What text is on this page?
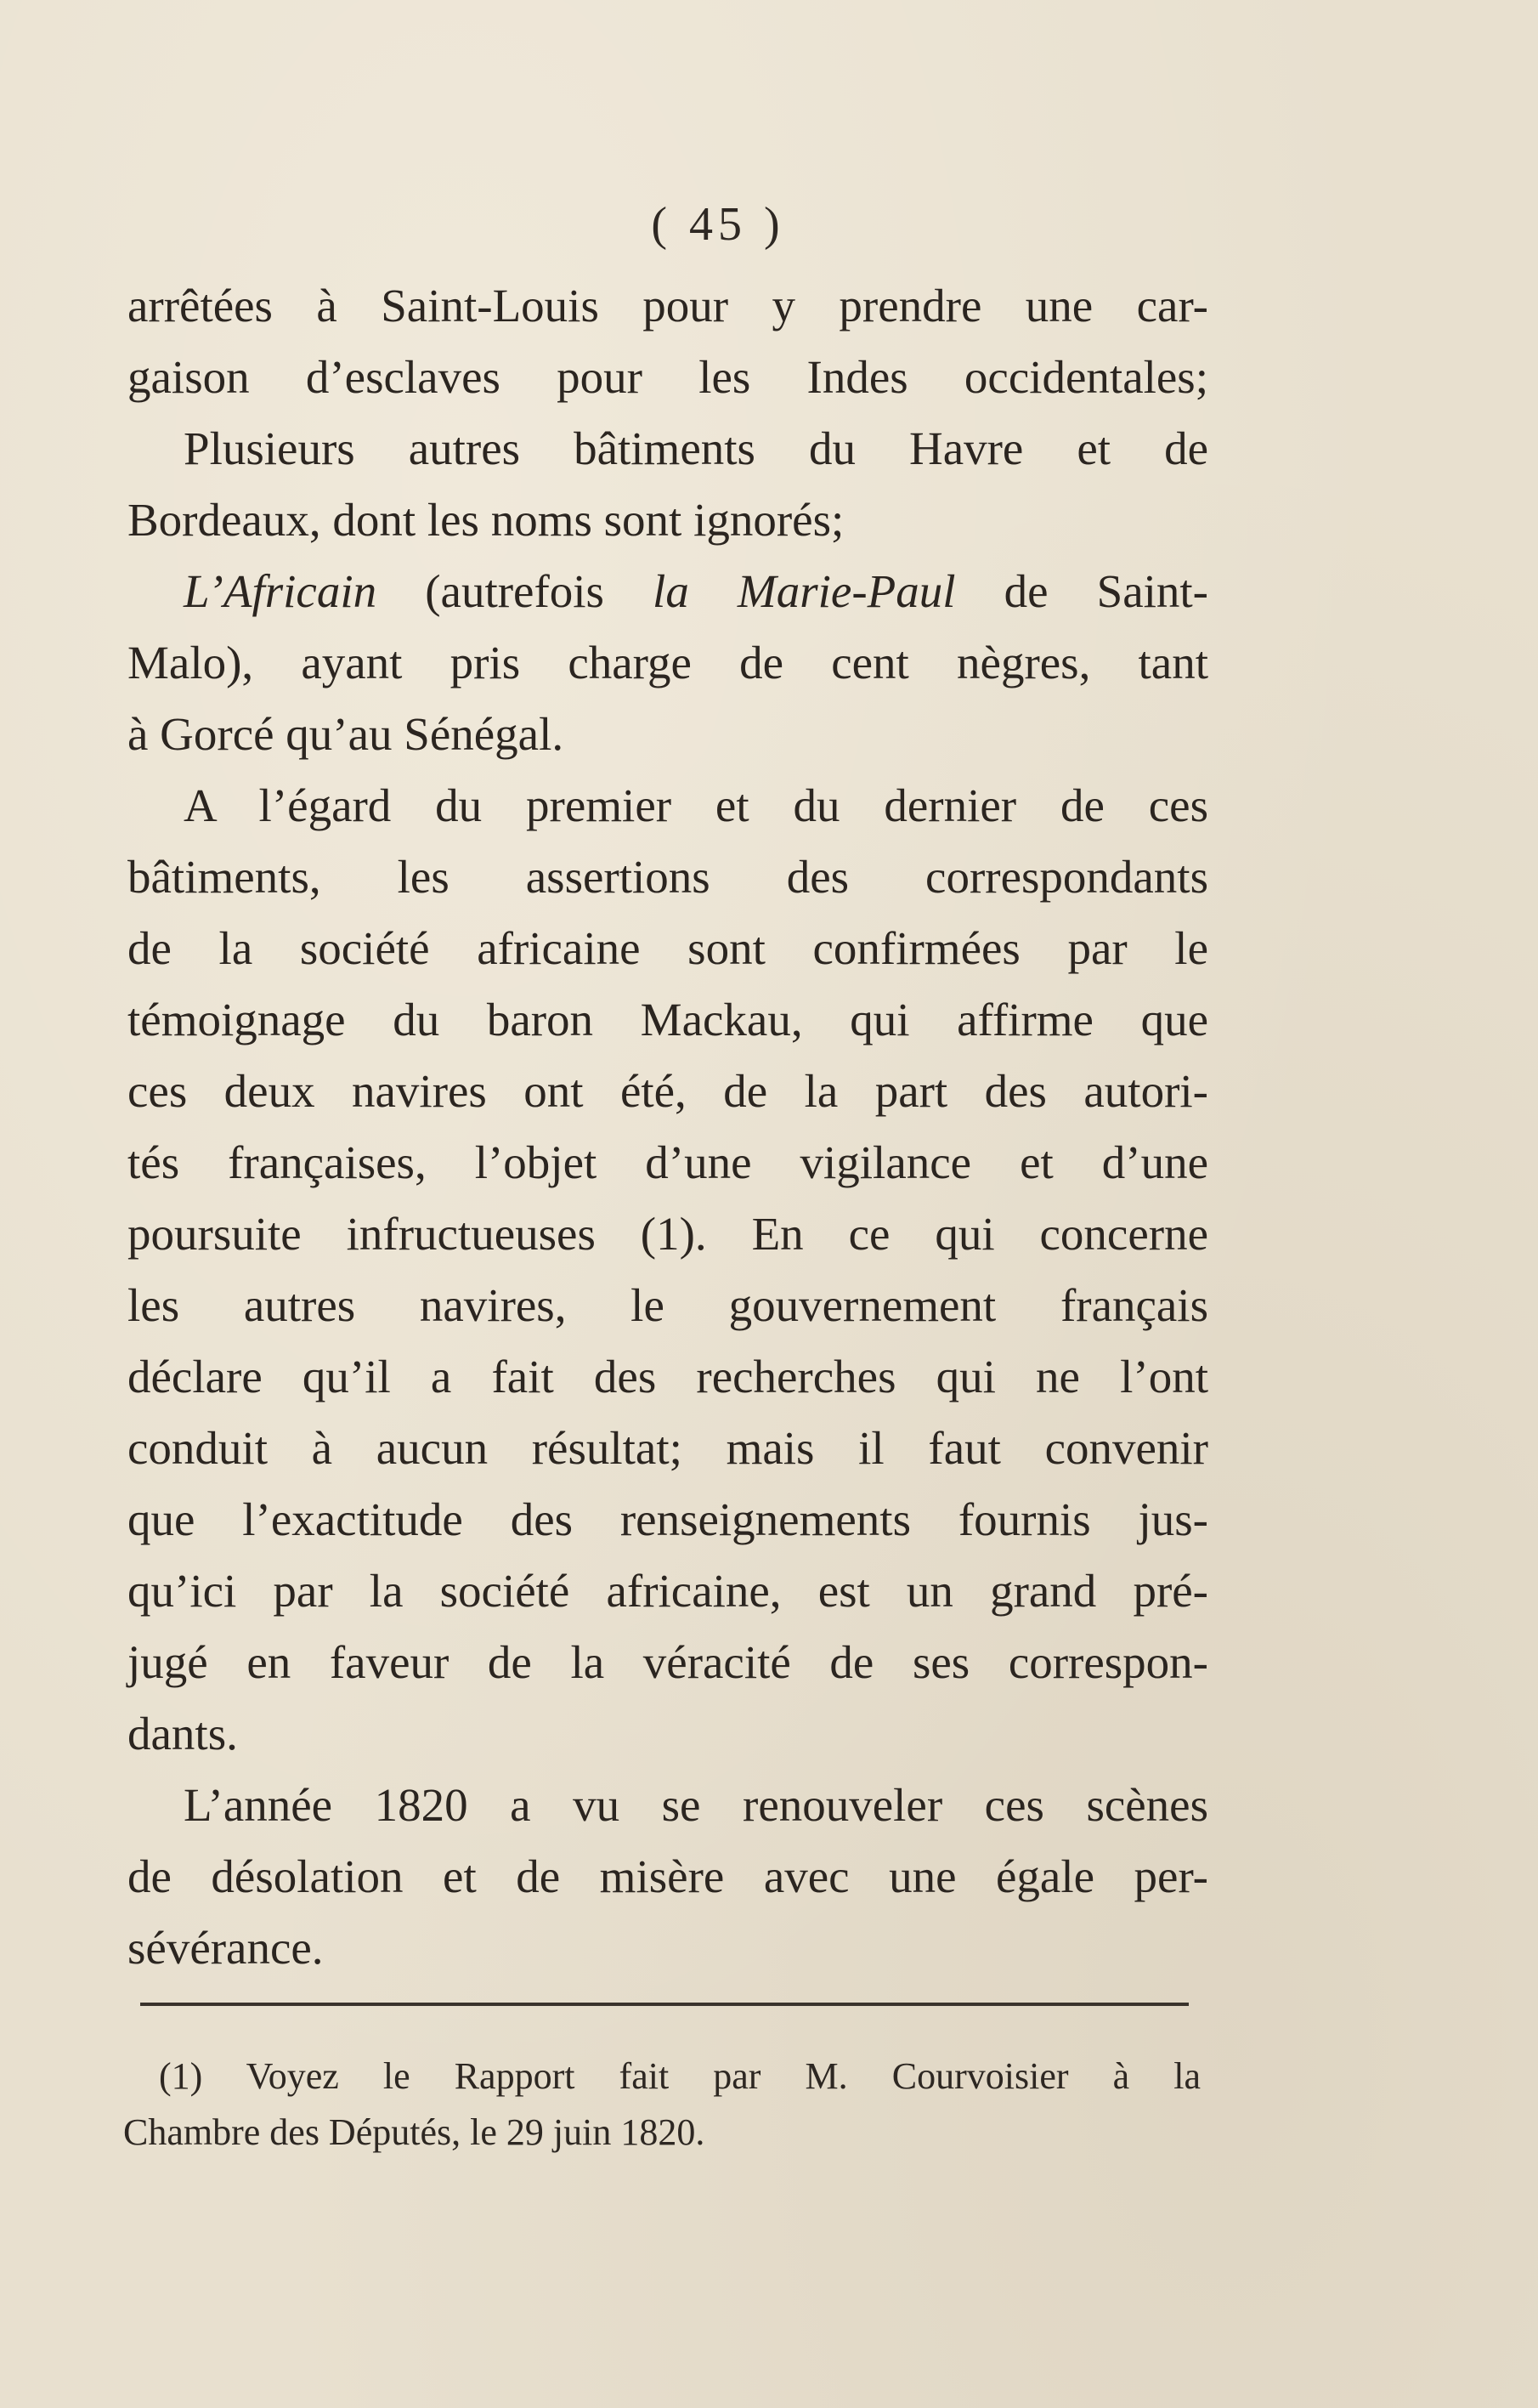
( 45 )
arrêtées à Saint-Louis pour y prendre une car-
gaison d’esclaves pour les Indes occidentales;
Plusieurs autres bâtiments du Havre et de
Bordeaux, dont les noms sont ignorés;
L’Africain (autrefois la Marie-Paul de Saint-
Malo), ayant pris charge de cent nègres, tant
à Gorcé qu’au Sénégal.
A l’égard du premier et du dernier de ces
bâtiments, les assertions des correspondants
de la société africaine sont confirmées par le
témoignage du baron Mackau, qui affirme que
ces deux navires ont été, de la part des autori-
tés françaises, l’objet d’une vigilance et d’une
poursuite infructueuses (1). En ce qui concerne
les autres navires, le gouvernement français
déclare qu’il a fait des recherches qui ne l’ont
conduit à aucun résultat; mais il faut convenir
que l’exactitude des renseignements fournis jus-
qu’ici par la société africaine, est un grand pré-
jugé en faveur de la véracité de ses correspon-
dants.
L’année 1820 a vu se renouveler ces scènes
de désolation et de misère avec une égale per-
sévérance.
(1) Voyez le Rapport fait par M. Courvoisier à la
Chambre des Députés, le 29 juin 1820.
